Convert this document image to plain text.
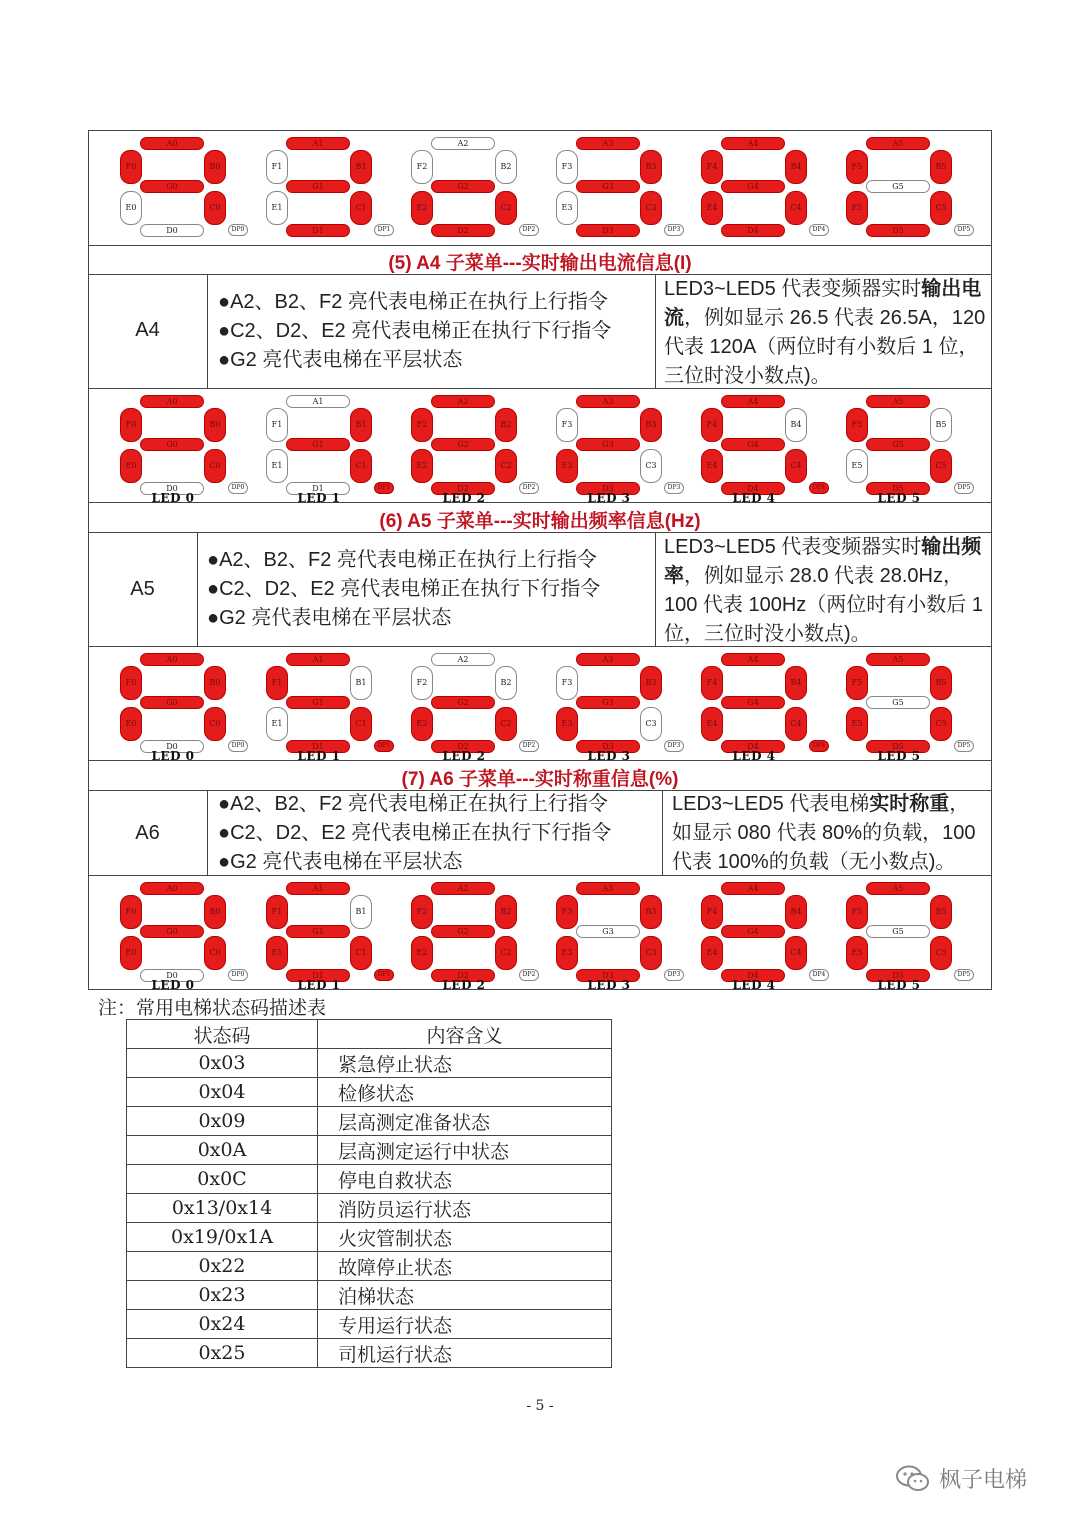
A0
F0	B0
G0
E0	C0
D0	DP0
A1
F1	B1
G1
E1	C1
D1	DP1
A2
F2	B2
G2
E2	C2
D2	DP2
A3
F3	B3
G3
E3	C3
D3	DP3
A4
F4	B4
G4
E4	C4
D4	DP4
A5
F5	B5
G5
E5	C5
D5	DP5
A0
F0	B0
G0
E0	C0
D0	DP0
LED 0
A1
F1	B1
G1
E1	C1
D1	DP1
LED 1
A2
F2	B2
G2
E2	C2
D2	DP2
LED 2
A3
F3	B3
G3
E3	C3
D3	DP3
LED 3
A4
F4	B4
G4
E4	C4
D4	DP4
LED 4
A5
F5	B5
G5
E5	C5
D5	DP5
LED 5
A0
F0	B0
G0
E0	C0
D0	DP0
LED 0
A1
F1	B1
G1
E1	C1
D1	DP1
LED 1
A2
F2	B2
G2
E2	C2
D2	DP2
LED 2
A3
F3	B3
G3
E3	C3
D3	DP3
LED 3
A4
F4	B4
G4
E4	C4
D4	DP4
LED 4
A5
F5	B5
G5
E5	C5
D5	DP5
LED 5
A0
F0	B0
G0
E0	C0
D0	DP0
LED 0
A1
F1	B1
G1
E1	C1
D1	DP1
LED 1
A2
F2	B2
G2
E2	C2
D2	DP2
LED 2
A3
F3	B3
G3
E3	C3
D3	DP3
LED 3
A4
F4	B4
G4
E4	C4
D4	DP4
LED 4
A5
F5	B5
G5
E5	C5
D5	DP5
LED 5
(5) A4 子菜单---实时输出电流信息(I)
A4
●A2、B2、F2 亮代表电梯正在执行上行指令
●C2、D2、E2 亮代表电梯正在执行下行指令
●G2 亮代表电梯在平层状态
LED3~LED5 代表变频器实时输出电流，例如显示 26.5 代表 26.5A，120 代表 120A（两位时有小数后 1 位，三位时没小数点)。
(6) A5 子菜单---实时输出频率信息(Hz)
A5
●A2、B2、F2 亮代表电梯正在执行上行指令
●C2、D2、E2 亮代表电梯正在执行下行指令
●G2 亮代表电梯在平层状态
LED3~LED5 代表变频器实时输出频率，例如显示 28.0 代表 28.0Hz，100 代表 100Hz（两位时有小数后 1 位，三位时没小数点)。
(7) A6 子菜单---实时称重信息(%)
A6
●A2、B2、F2 亮代表电梯正在执行上行指令
●C2、D2、E2 亮代表电梯正在执行下行指令
●G2 亮代表电梯在平层状态
LED3~LED5 代表电梯实时称重，如显示 080 代表 80%的负载，100 代表 100%的负载（无小数点)。
注：常用电梯状态码描述表
状态码	内容含义
0x03	紧急停止状态
0x04	检修状态
0x09	层高测定准备状态
0x0A	层高测定运行中状态
0x0C	停电自救状态
0x13/0x14	消防员运行状态
0x19/0x1A	火灾管制状态
0x22	故障停止状态
0x23	泊梯状态
0x24	专用运行状态
0x25	司机运行状态
- 5 -
枫子电梯
